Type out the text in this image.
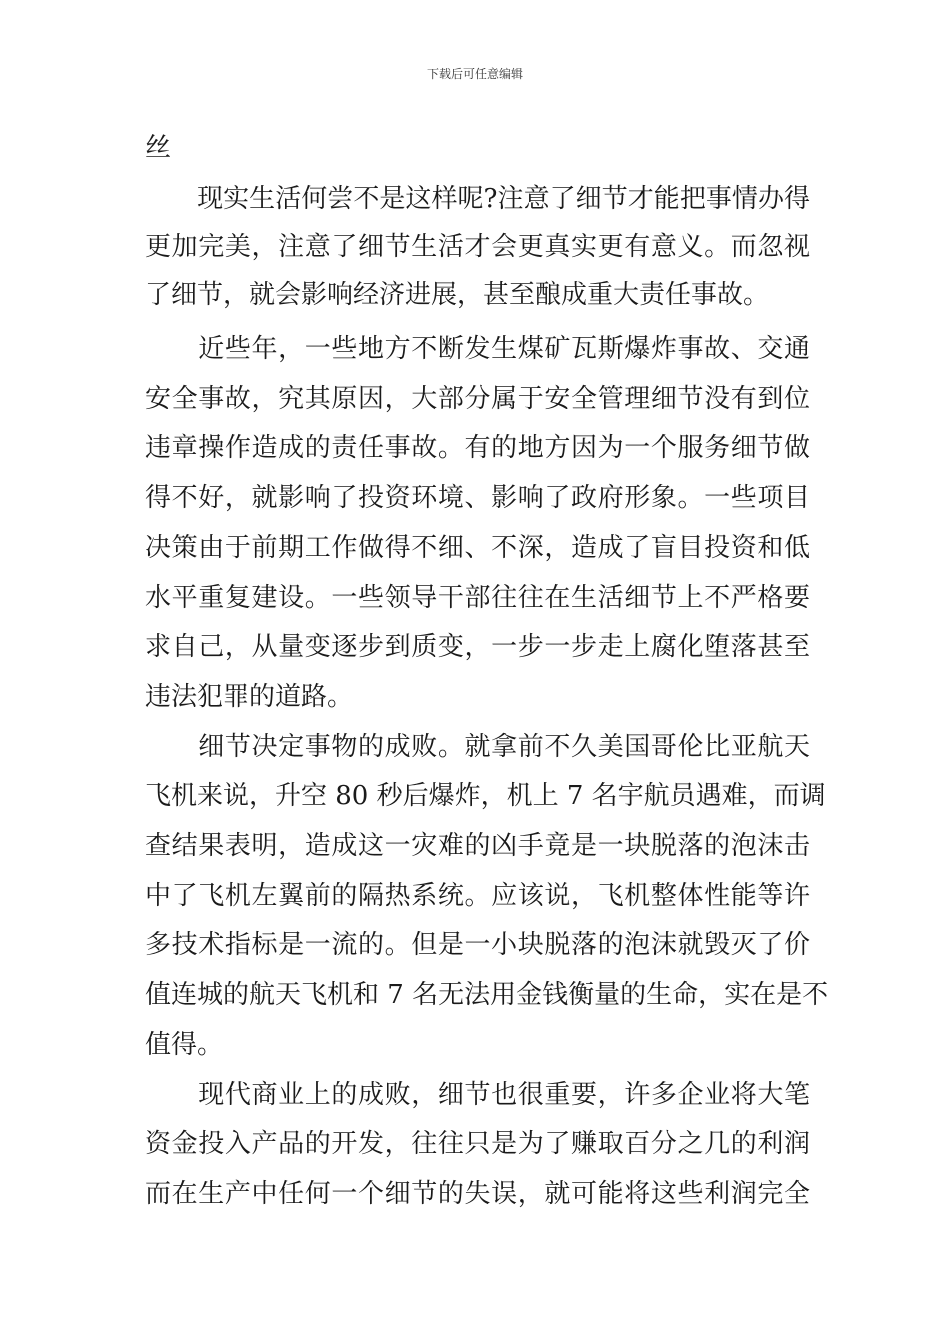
下载后可任意编辑
丝
　　现实生活何尝不是这样呢?注意了细节才能把事情办得
更加完美，注意了细节生活才会更真实更有意义。而忽视
了细节，就会影响经济进展，甚至酿成重大责任事故。
　　近些年，一些地方不断发生煤矿瓦斯爆炸事故、交通
安全事故，究其原因，大部分属于安全管理细节没有到位
违章操作造成的责任事故。有的地方因为一个服务细节做
得不好，就影响了投资环境、影响了政府形象。一些项目
决策由于前期工作做得不细、不深，造成了盲目投资和低
水平重复建设。一些领导干部往往在生活细节上不严格要
求自己，从量变逐步到质变，一步一步走上腐化堕落甚至
违法犯罪的道路。
　　细节决定事物的成败。就拿前不久美国哥伦比亚航天
飞机来说，升空 80 秒后爆炸，机上 7 名宇航员遇难，而调
查结果表明，造成这一灾难的凶手竟是一块脱落的泡沫击
中了飞机左翼前的隔热系统。应该说，飞机整体性能等许
多技术指标是一流的。但是一小块脱落的泡沫就毁灭了价
值连城的航天飞机和 7 名无法用金钱衡量的生命，实在是不
值得。
　　现代商业上的成败，细节也很重要，许多企业将大笔
资金投入产品的开发，往往只是为了赚取百分之几的利润
而在生产中任何一个细节的失误，就可能将这些利润完全
